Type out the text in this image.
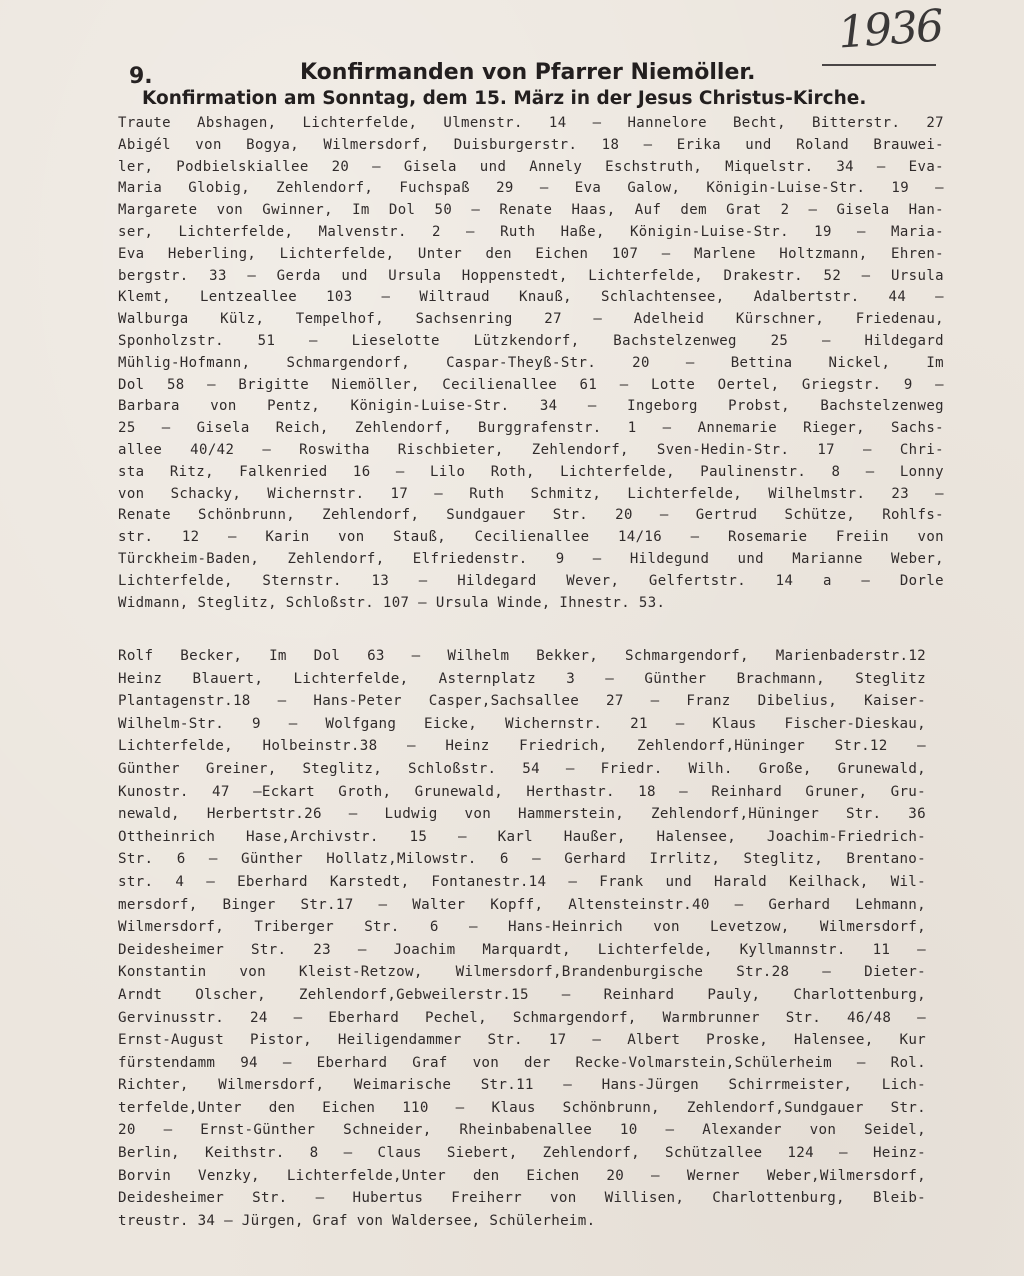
1936
9.	Konfirmanden von Pfarrer Niemöller.
Konfirmation am Sonntag, dem 15. März in der Jesus Christus-Kirche.
Traute Abshagen, Lichterfelde, Ulmenstr. 14 – Hannelore Becht, Bitterstr. 27
Abigél von Bogya, Wilmersdorf, Duisburgerstr. 18 – Erika und Roland Brauwei-
ler, Podbielskiallee 20 – Gisela und Annely Eschstruth, Miquelstr. 34 – Eva-
Maria Globig, Zehlendorf, Fuchspaß 29 – Eva Galow, Königin-Luise-Str. 19 –
Margarete von Gwinner, Im Dol 50 – Renate Haas, Auf dem Grat 2 – Gisela Han-
ser, Lichterfelde, Malvenstr. 2 – Ruth Haße, Königin-Luise-Str. 19 – Maria-
Eva Heberling, Lichterfelde, Unter den Eichen 107 – Marlene Holtzmann, Ehren-
bergstr. 33 – Gerda und Ursula Hoppenstedt, Lichterfelde, Drakestr. 52 – Ursula
Klemt, Lentzeallee 103 – Wiltraud Knauß, Schlachtensee, Adalbertstr. 44 –
Walburga Külz, Tempelhof, Sachsenring 27 – Adelheid Kürschner, Friedenau,
Sponholzstr. 51 – Lieselotte Lützkendorf, Bachstelzenweg 25 – Hildegard
Mühlig-Hofmann, Schmargendorf, Caspar-Theyß-Str. 20 – Bettina Nickel, Im
Dol 58 – Brigitte Niemöller, Cecilienallee 61 – Lotte Oertel, Griegstr. 9 –
Barbara von Pentz, Königin-Luise-Str. 34 – Ingeborg Probst, Bachstelzenweg
25 – Gisela Reich, Zehlendorf, Burggrafenstr. 1 – Annemarie Rieger, Sachs-
allee 40/42 – Roswitha Rischbieter, Zehlendorf, Sven-Hedin-Str. 17 – Chri-
sta Ritz, Falkenried 16 – Lilo Roth, Lichterfelde, Paulinenstr. 8 – Lonny
von Schacky, Wichernstr. 17 – Ruth Schmitz, Lichterfelde, Wilhelmstr. 23 –
Renate Schönbrunn, Zehlendorf, Sundgauer Str. 20 – Gertrud Schütze, Rohlfs-
str. 12 – Karin von Stauß, Cecilienallee 14/16 – Rosemarie Freiin von
Türckheim-Baden, Zehlendorf, Elfriedenstr. 9 – Hildegund und Marianne Weber,
Lichterfelde, Sternstr. 13 – Hildegard Wever, Gelfertstr. 14 a – Dorle
Widmann, Steglitz, Schloßstr. 107 – Ursula Winde, Ihnestr. 53.
Rolf Becker, Im Dol 63 – Wilhelm Bekker, Schmargendorf, Marienbaderstr.12
Heinz Blauert, Lichterfelde, Asternplatz 3 – Günther Brachmann, Steglitz
Plantagenstr.18 – Hans-Peter Casper,Sachsallee 27 – Franz Dibelius, Kaiser-
Wilhelm-Str. 9 – Wolfgang Eicke, Wichernstr. 21 – Klaus Fischer-Dieskau,
Lichterfelde, Holbeinstr.38 – Heinz Friedrich, Zehlendorf,Hüninger Str.12 –
Günther Greiner, Steglitz, Schloßstr. 54 – Friedr. Wilh. Große, Grunewald,
Kunostr. 47 –Eckart Groth, Grunewald, Herthastr. 18 – Reinhard Gruner, Gru-
newald, Herbertstr.26 – Ludwig von Hammerstein, Zehlendorf,Hüninger Str. 36
Ottheinrich Hase,Archivstr. 15 – Karl Haußer, Halensee, Joachim-Friedrich-
Str. 6 – Günther Hollatz,Milowstr. 6 – Gerhard Irrlitz, Steglitz, Brentano-
str. 4 – Eberhard Karstedt, Fontanestr.14 – Frank und Harald Keilhack, Wil-
mersdorf, Binger Str.17 – Walter Kopff, Altensteinstr.40 – Gerhard Lehmann,
Wilmersdorf, Triberger Str. 6 – Hans-Heinrich von Levetzow, Wilmersdorf,
Deidesheimer Str. 23 – Joachim Marquardt, Lichterfelde, Kyllmannstr. 11 –
Konstantin von Kleist-Retzow, Wilmersdorf,Brandenburgische Str.28 – Dieter-
Arndt Olscher, Zehlendorf,Gebweilerstr.15 – Reinhard Pauly, Charlottenburg,
Gervinusstr. 24 – Eberhard Pechel, Schmargendorf, Warmbrunner Str. 46/48 –
Ernst-August Pistor, Heiligendammer Str. 17 – Albert Proske, Halensee, Kur
fürstendamm 94 – Eberhard Graf von der Recke-Volmarstein,Schülerheim – Rol.
Richter, Wilmersdorf, Weimarische Str.11 – Hans-Jürgen Schirrmeister, Lich-
terfelde,Unter den Eichen 110 – Klaus Schönbrunn, Zehlendorf,Sundgauer Str.
20 – Ernst-Günther Schneider, Rheinbabenallee 10 – Alexander von Seidel,
Berlin, Keithstr. 8 – Claus Siebert, Zehlendorf, Schützallee 124 – Heinz-
Borvin Venzky, Lichterfelde,Unter den Eichen 20 – Werner Weber,Wilmersdorf,
Deidesheimer Str. – Hubertus Freiherr von Willisen, Charlottenburg, Bleib-
treustr. 34 – Jürgen, Graf von Waldersee, Schülerheim.
